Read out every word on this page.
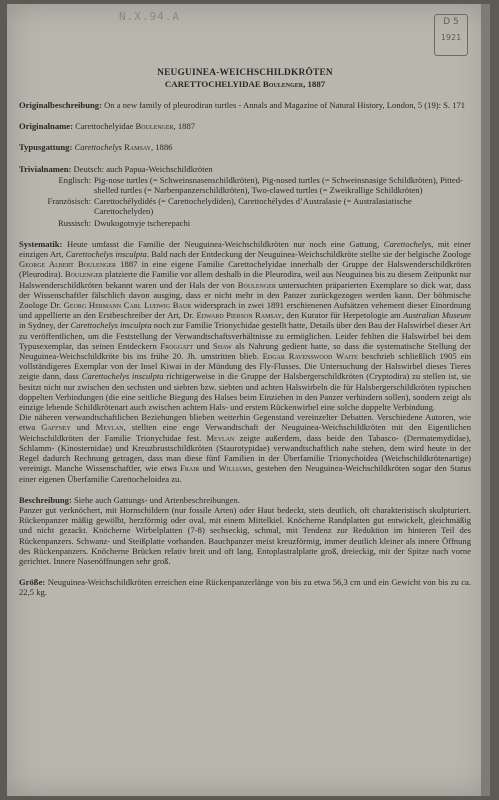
N.X.94.A	D 5
1921
NEUGUINEA-WEICHSCHILDKRÖTEN
CARETTOCHELYIDAE Boulenger, 1887

Originalbeschreibung: On a new family of pleurodiran turtles - Annals and Magazine of Natural History, London, 5 (19): S. 171

Originalname: Carettochelyidae Boulenger, 1887

Typusgattung: Carettochelys Ramsay, 1886

Trivialnamen: Deutsch: auch Papua-Weichschildkröten
Englisch: Pig-nose turtles (= Schweinsnasenschildkröten), Pig-nosed turtles (= Schweinsnasige Schildkröten), Pitted-shelled turtles (= Narbenpanzerschildkröten), Two-clawed turtles (= Zweikrallige Schildkröten)
Französisch: Carettochélydidés (= Carettochelydiden), Carettochélydes d’Australasie (= Australasiatische Carettochelyden)
Russisch: Dwukogotnyje tscherepachi

Systematik: Heute umfasst die Familie der Neuguinea-Weichschildkröten nur noch eine Gattung, Carettochelys, mit einer einzigen Art, Carettochelys insculpta. Bald nach der Entdeckung der Neuguinea-Weichschildkröte stellte sie der belgische Zoologe George Albert Boulenger 1887 in eine eigene Familie Carettochelyidae innerhalb der Gruppe der Halswenderschildkröten (Pleurodira). Boulenger platzierte die Familie vor allem deshalb in die Pleurodira, weil aus Neuguinea bis zu diesem Zeitpunkt nur Halswenderschildkröten bekannt waren und der Hals der von Boulenger untersuchten präparierten Exemplare so dick war, dass der Wissenschaftler fälschlich davon ausging, dass er nicht mehr in den Panzer zurückgezogen werden kann. Der böhmische Zoologe Dr. Georg Hermann Carl Ludwig Baur widersprach in zwei 1891 erschienenen Aufsätzen vehement dieser Einordnung und appellierte an den Erstbeschreiber der Art, Dr. Edward Pierson Ramsay, den Kurator für Herpetologie am Australian Museum in Sydney, der Carettochelys insculpta noch zur Familie Trionychidae gestellt hatte, Details über den Bau der Halswirbel dieser Art zu veröffentlichen, um die Feststellung der Verwandtschaftsverhältnisse zu ermöglichen. Leider fehlten die Halswirbel bei dem Typusexemplar, das seinen Entdeckern Froggatt und Shaw als Nahrung gedient hatte, so dass die systematische Stellung der Neuguinea-Weichschildkröte bis ins frühe 20. Jh. umstritten blieb. Edgar Ravenswood Waite beschrieb schließlich 1905 ein vollständigeres Exemplar von der Insel Kiwai in der Mündung des Fly-Flusses. Die Untersuchung der Halswirbel dieses Tieres zeigte dann, dass Carettochelys insculpta richtigerweise in die Gruppe der Halsbergerschildkröten (Cryptodira) zu stellen ist, sie besitzt nicht nur zwischen den sechsten und siebten bzw. siebten und achten Halswirbeln die für Halsbergerschildkröten typischen doppelten Verbindungen (die eine seitliche Biegung des Halses beim Einziehen in den Panzer verhindern sollen), sondern zeigt als einzige lebende Schildkrötenart auch zwischen achtem Hals- und erstem Rückenwirbel eine solche doppelte Verbindung.

Die näheren verwandtschaftlichen Beziehungen blieben weiterhin Gegenstand vereinzelter Debatten. Verschiedene Autoren, wie etwa Gaffney und Meylan, stellten eine enge Verwandtschaft der Neuguinea-Weichschildkröten mit den Eigentlichen Weichschildkröten der Familie Trionychidae fest. Meylan zeigte außerdem, dass beide den Tabasco- (Dermatemydidae), Schlamm- (Kinosternidae) und Kreuzbrustschildkröten (Staurotypidae) verwandtschaftlich nahe stehen, dem wird heute in der Regel dadurch Rechnung getragen, dass man diese fünf Familien in der Überfamilie Trionychoidea (Weichschildkrötenartige) vereinigt. Manche Wissenschaftler, wie etwa Frair und Williams, gestehen den Neuguinea-Weichschildkröten sogar den Status einer eigenen Überfamilie Carettocheloidea zu.

Beschreibung: Siehe auch Gattungs- und Artenbeschreibungen.

Panzer gut verknöchert, mit Hornschildern (nur fossile Arten) oder Haut bedeckt, stets deutlich, oft charakteristisch skulpturiert. Rückenpanzer mäßig gewölbt, herzförmig oder oval, mit einem Mittelkiel. Knöcherne Randplatten gut entwickelt, gleichmäßig und nicht gezackt. Knöcherne Wirbelplatten (7-8) sechseckig, schmal, mit Tendenz zur Reduktion im hinteren Teil des Rückenpanzers. Schwanz- und Steißplatte vorhanden. Bauchpanzer meist kreuzförmig, immer deutlich kleiner als innere Öffnung des Rückenpanzers. Knöcherne Brücken relativ breit und oft lang. Entoplastralplatte groß, dreieckig, mit der Spitze nach vorne gerichtet. Innere Nasenöffnungen sehr groß.

Größe: Neuguinea-Weichschildkröten erreichen eine Rückenpanzerlänge von bis zu etwa 56,3 cm und ein Gewicht von bis zu ca. 22,5 kg.
